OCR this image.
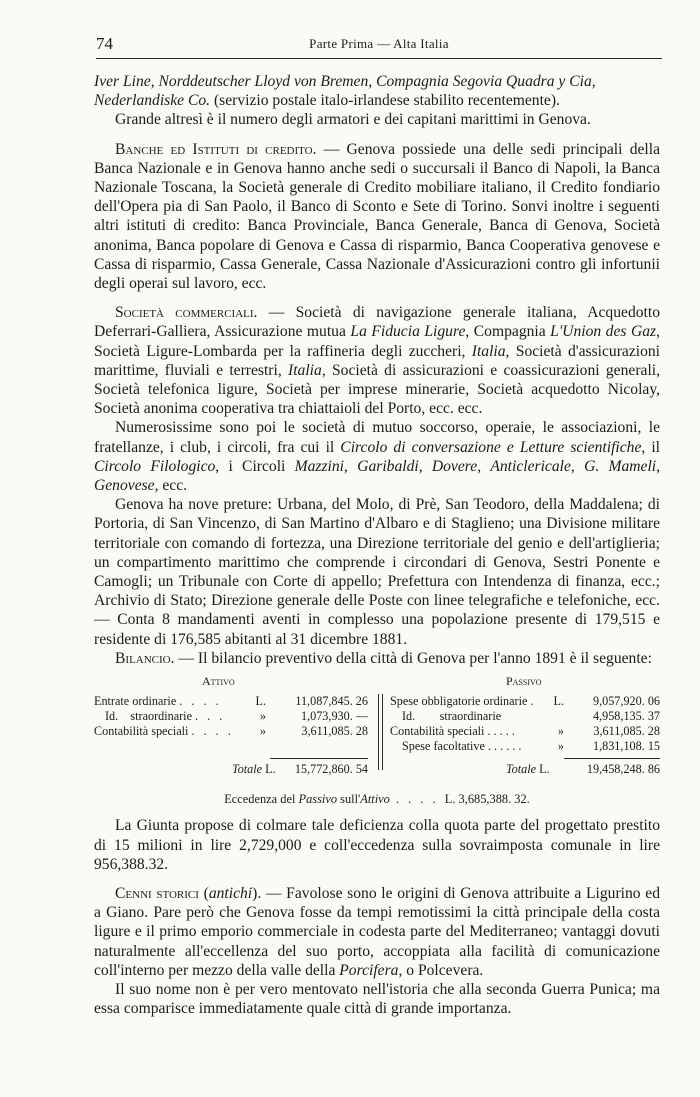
74	Parte Prima — Alta Italia

Iver Line, Norddeutscher Lloyd von Bremen, Compagnia Segovia Quadra y Cia,
Nederlandiske Co. (servizio postale italo-irlandese stabilito recentemente).

Grande altresì è il numero degli armatori e dei capitani marittimi in Genova.

Banche ed Istituti di credito. — Genova possiede una delle sedi principali della Banca Nazionale e in Genova hanno anche sedi o succursali il Banco di Napoli, la Banca Nazionale Toscana, la Società generale di Credito mobiliare italiano, il Credito fondiario dell'Opera pia di San Paolo, il Banco di Sconto e Sete di Torino. Sonvi inoltre i seguenti altri istituti di credito: Banca Provinciale, Banca Generale, Banca di Genova, Società anonima, Banca popolare di Genova e Cassa di risparmio, Banca Cooperativa genovese e Cassa di risparmio, Cassa Generale, Cassa Nazionale d'Assicurazioni contro gli infortunii degli operai sul lavoro, ecc.

Società commerciali. — Società di navigazione generale italiana, Acquedotto Deferrari-Galliera, Assicurazione mutua La Fiducia Ligure, Compagnia L'Union des Gaz, Società Ligure-Lombarda per la raffineria degli zuccheri, Italia, Società d'assicurazioni marittime, fluviali e terrestri, Italia, Società di assicurazioni e coassicurazioni generali, Società telefonica ligure, Società per imprese minerarie, Società acquedotto Nicolay, Società anonima cooperativa tra chiattaioli del Porto, ecc. ecc.

Numerosissime sono poi le società di mutuo soccorso, operaie, le associazioni, le fratellanze, i club, i circoli, fra cui il Circolo di conversazione e Letture scientifiche, il Circolo Filologico, i Circoli Mazzini, Garibaldi, Dovere, Anticlericale, G. Mameli, Genovese, ecc.

Genova ha nove preture: Urbana, del Molo, di Prè, San Teodoro, della Maddalena; di Portoria, di San Vincenzo, di San Martino d'Albaro e di Staglieno; una Divisione militare territoriale con comando di fortezza, una Direzione territoriale del genio e dell'artiglieria; un compartimento marittimo che comprende i circondari di Genova, Sestri Ponente e Camogli; un Tribunale con Corte di appello; Prefettura con Intendenza di finanza, ecc.; Archivio di Stato; Direzione generale delle Poste con linee telegrafiche e telefoniche, ecc. — Conta 8 mandamenti aventi in complesso una popolazione presente di 179,515 e residente di 176,585 abitanti al 31 dicembre 1881.

Bilancio. — Il bilancio preventivo della città di Genova per l'anno 1891 è il seguente:

Attivo	Passivo
Entrate ordinarie . . . .	L.	11,087,845. 26
Id.    straordinarie . . .	»	1,073,930. —
Contabilità speciali . . . .	»	3,611,085. 28
Spese obbligatorie ordinarie . L.	9,057,920. 06
Id.        straordinarie	4,958,135. 37
Contabilità speciali . . . . .	»	3,611,085. 28
Spese facoltative . . . . . .	»	1,831,108. 15
Totale L.	15,772,860. 54	Totale L.	19,458,248. 86
Eccedenza del Passivo sull'Attivo . . . . L. 3,685,388. 32.

La Giunta propose di colmare tale deficienza colla quota parte del progettato prestito di 15 milioni in lire 2,729,000 e coll'eccedenza sulla sovraimposta comunale in lire 956,388.32.

Cenni storici (antichi). — Favolose sono le origini di Genova attribuite a Ligurino ed a Giano. Pare però che Genova fosse da tempi remotissimi la città principale della costa ligure e il primo emporio commerciale in codesta parte del Mediterraneo; vantaggi dovuti naturalmente all'eccellenza del suo porto, accoppiata alla facilità di comunicazione coll'interno per mezzo della valle della Porcifera, o Polcevera.

Il suo nome non è per vero mentovato nell'istoria che alla seconda Guerra Punica; ma essa comparisce immediatamente quale città di grande importanza.
